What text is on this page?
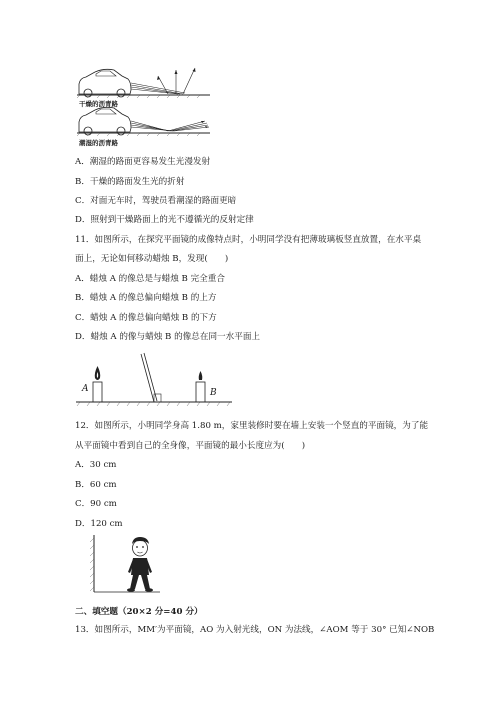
干燥的沥青路
潮湿的沥青路
A．潮湿的路面更容易发生光漫发射
B．干燥的路面发生光的折射
C．对面无车时，驾驶员看潮湿的路面更暗
D．照射到干燥路面上的光不遵循光的反射定律
11．如图所示，在探究平面镜的成像特点时，小明同学没有把薄玻璃板竖直放置，在水平桌
面上，无论如何移动蜡烛 B，发现(　　)
A．蜡烛 A 的像总是与蜡烛 B 完全重合
B．蜡烛 A 的像总偏向蜡烛 B 的上方
C．蜡烛 A 的像总偏向蜡烛 B 的下方
D．蜡烛 A 的像与蜡烛 B 的像总在同一水平面上
A	B
12．如图所示，小明同学身高 1.80 m，家里装修时要在墙上安装一个竖直的平面镜，为了能
从平面镜中看到自己的全身像，平面镜的最小长度应为(　　)
A．30 cm
B．60 cm
C．90 cm
D．120 cm
二、填空题（20×2 分=40 分）
13．如图所示，MM′为平面镜，AO 为入射光线，ON 为法线，∠AOM 等于 30° 已知∠NOB
